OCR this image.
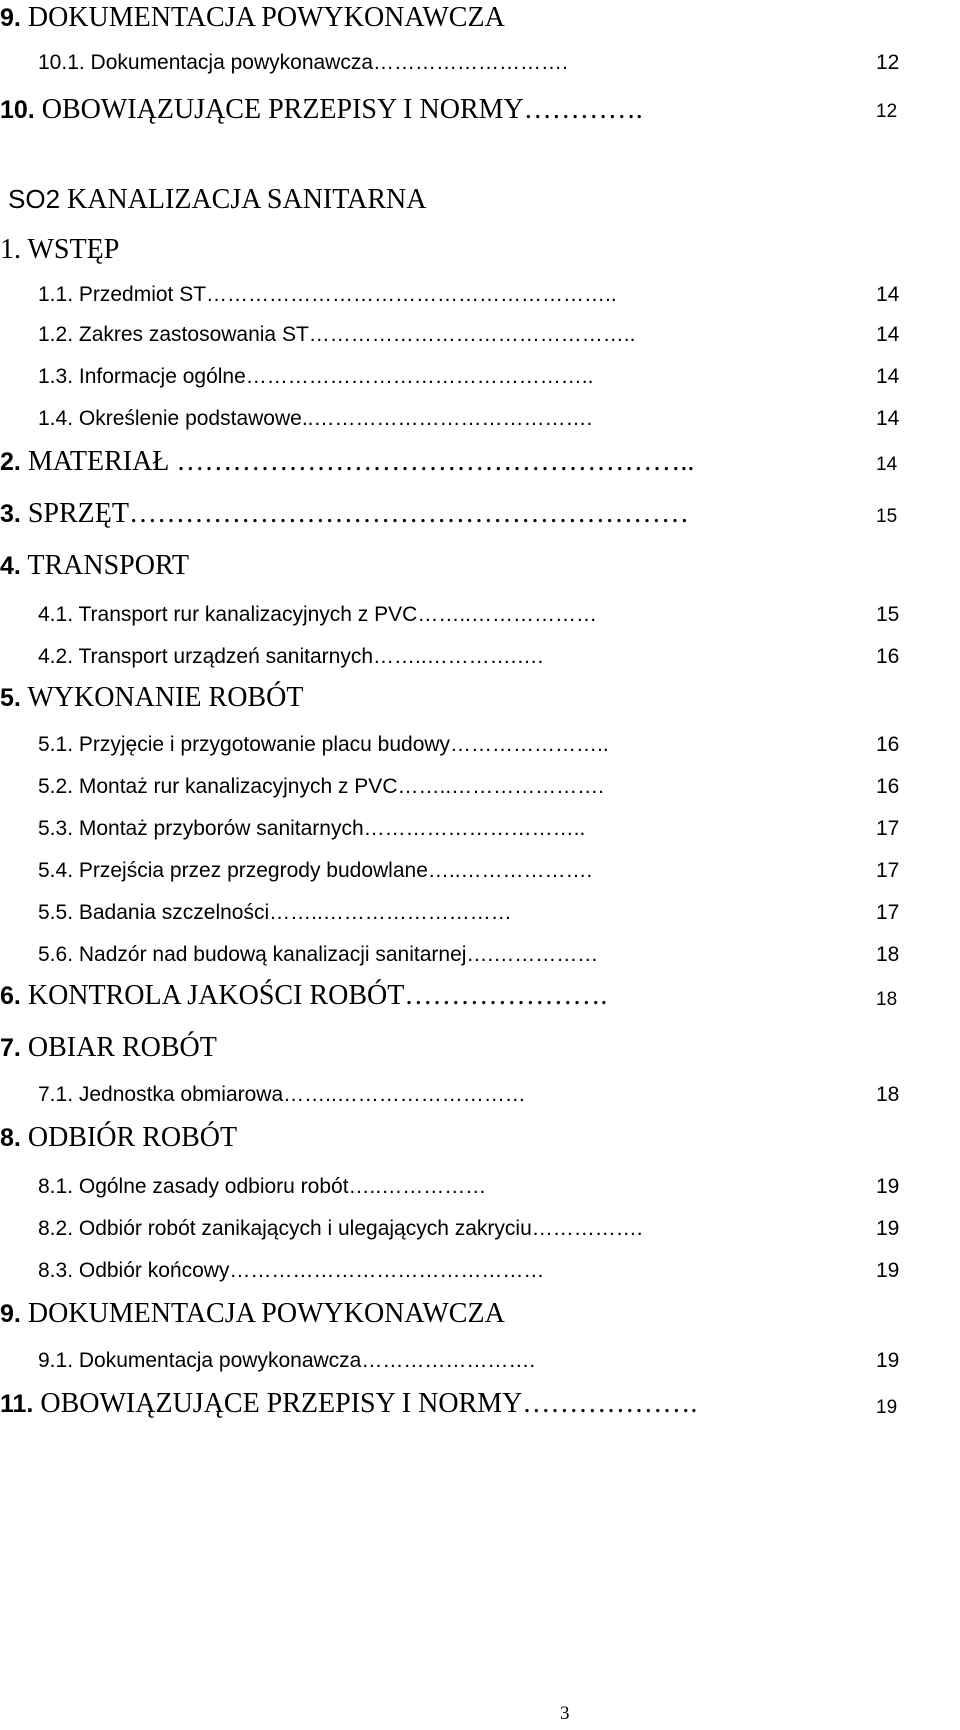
9. DOKUMENTACJA POWYKONAWCZA
10.1. Dokumentacja powykonawcza……………………….	12
10. OBOWIĄZUJĄCE PRZEPISY I NORMY………….	12
SO2 KANALIZACJA SANITARNA
1. WSTĘP
1.1. Przedmiot ST…………………………………………………..	14
1.2. Zakres zastosowania ST………………………………………..	14
1.3. Informacje ogólne…………………………………………..	14
1.4. Określenie podstawowe..………………………………….	14
2. MATERIAŁ ………………………………………………..	14
3. SPRZĘT……………………………………………………	15
4. TRANSPORT
4.1. Transport rur kanalizacyjnych z PVC……..………………	15
4.2. Transport urządzeń sanitarnych……..………….….	16
5. WYKONANIE ROBÓT
5.1. Przyjęcie i przygotowanie placu budowy…………………..	16
5.2. Montaż rur kanalizacyjnych z PVC……..………………….	16
5.3. Montaż przyborów sanitarnych…………………………..	17
5.4. Przejścia przez przegrody budowlane…..……………….	17
5.5. Badania szczelności……..………………………	17
5.6. Nadzór nad budową kanalizacji sanitarnej….……………	18
6. KONTROLA JAKOŚCI ROBÓT………………….	18
7. OBIAR ROBÓT
7.1. Jednostka obmiarowa……..………………………	18
8. ODBIÓR ROBÓT
8.1. Ogólne zasady odbioru robót…..……………	19
8.2. Odbiór robót zanikających i ulegających zakryciu…………….	19
8.3. Odbiór końcowy………………………………………	19
9. DOKUMENTACJA POWYKONAWCZA
9.1. Dokumentacja powykonawcza…………………….	19
11. OBOWIĄZUJĄCE PRZEPISY I NORMY……………….	19
3
